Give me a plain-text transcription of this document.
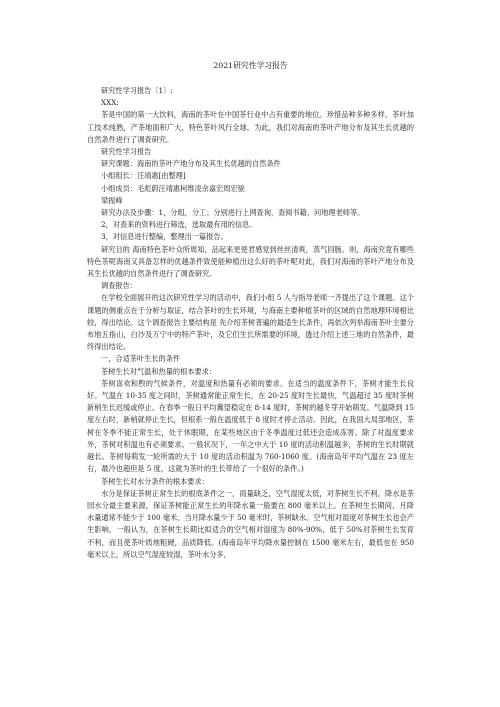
2021研究性学习报告

研究性学习报告〔1〕:

XXX:

茶是中国的第一大饮料，海南的茶叶在中国茶行业中占有重要的地位。珍惜品种多种多样，茶叶加工技术纯熟，产茶地面积广大，特色茶叶风行全球。为此，我们对海南的茶叶产地分布及其生长优越的自然条件进行了调查研究。

研究性学习报告

研究课题：海南的茶叶产地分布及其生长优越的自然条件

小组组长：汪靖惠[由整理]

小组成员：毛彪蔚汪靖惠柯维凌余嘉宏周宏骏

梁振峰

研究办法及步骤：1，分组，分工；分别进行上网查询，查阅书籍，问地理老师等。

2，对查来的资料进行筛选，选取最有用的信息。

3，对信息进行整编，整理出一篇报告。

研究目的 海南特色茶叶众所周知，品起来更使君感觉到丝丝清爽，蒸气回肠。则，海南究竟有哪些特色茶呢海南又具备怎样的优越条件致使能种植出这么好的茶叶呢对此，我们对海南的茶叶产地分布及其生长优越的自然条件进行了调查研究。

调查报告：

在学校全面展开的这次研究性学习的活动中，我们小组 5 人与指导老师一齐提出了这个课题。这个课题的侧重点在于分析与取证，结合茶叶的生长环境，与海南主要种植茶叶的区域的自然地理环境相比较，得出结论。这个调查报告主要结构是 先介绍茶树普遍的最适生长条件，再依次列举海南茶叶主要分布地五指山，白沙及万宁中的特产茶叶，及它们生长所需要的环境，透过介绍上述三地的自然条件，最终得出结论。

一，合适茶叶生长的条件

茶树生长对气温和热量的根本要求：

茶树喜欢和煦的气候条件，对温度和热量有必须的要求。在适当的温度条件下，茶树才能生长良好。气温在 10-35 度之间时，茶树通常能正常生长，在 20-25 度时生长最快，气温超过 35 度时茶树新梢生长迟缓或停止。在春季一般日平均冀望稳定在 8-14 度时，茶树的越冬芽开始萌发。气温降到 15 度左右时，新梢就停止生长，但根系一般在温度低于 8 度时才停止活动。因此，在我国大局部地区，茶树在冬季不能正常生长，处于休眠期，在某些地区由于冬季温度过低还会造成冻害。除了对温度要求外，茶树对积温也有必须要求。一般状况下，一年之中大于 10 度的活动积温越多，茶树的生长时期就越长。茶树每萌发一轮所需的大于 10 度的活动积温为 760-1060 度。(海南岛年平均气温在 23 度左右，最冷也超但是 5 度，这就为茶叶的生长带给了一个很好的条件。)

茶树生长对水分条件的根本要求：

水分是保证茶树正常生长的根底条件之一，雨量缺乏，空气湿度太低，对茶树生长不利。降水是茶园水分最主要来源，保证茶树能正常生长的年降水量一般要在 800 毫米以上。在茶树生长期间，月降水量通常不能少于 100 毫米。当月降水量少于 50 毫米时，茶树缺水。空气相对湿度对茶树生长也会产生影响，一般认为，在茶树生长期比拟适合的空气相对湿度为 80%-90%，低于 50%对茶树生长发育不利，而且使茶叶质地粗硬，品质降低。(海南岛年平均降水量控制在 1500 毫米左右，最低也在 950 毫米以上，所以空气湿度较湿，茶叶水分多，
